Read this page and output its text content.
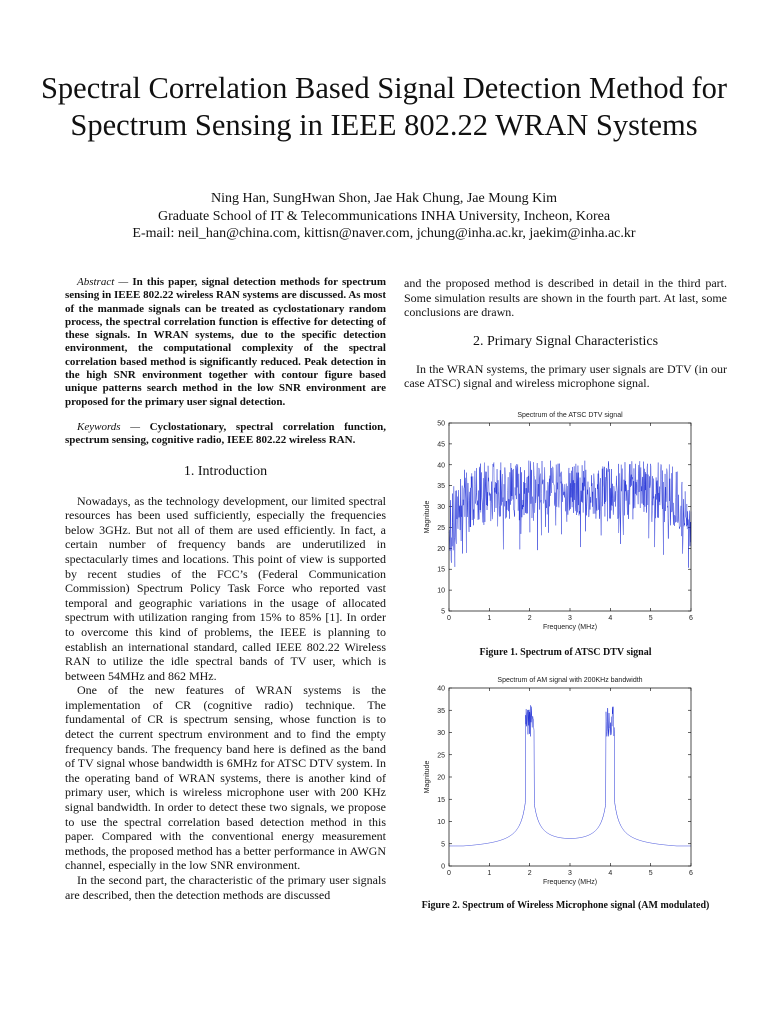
Spectral Correlation Based Signal Detection Method for Spectrum Sensing in IEEE 802.22 WRAN Systems
Ning Han, SungHwan Shon, Jae Hak Chung, Jae Moung Kim
Graduate School of IT & Telecommunications INHA University, Incheon, Korea
E-mail: neil_han@china.com, kittisn@naver.com, jchung@inha.ac.kr, jaekim@inha.ac.kr

Abstract — In this paper, signal detection methods for spectrum sensing in IEEE 802.22 wireless RAN systems are discussed. As most of the manmade signals can be treated as cyclostationary random process, the spectral correlation function is effective for detecting of these signals. In WRAN systems, due to the specific detection environment, the computational complexity of the spectral correlation based method is significantly reduced. Peak detection in the high SNR environment together with contour figure based unique patterns search method in the low SNR environment are proposed for the primary user signal detection.

Keywords — Cyclostationary, spectral correlation function, spectrum sensing, cognitive radio, IEEE 802.22 wireless RAN.

1. Introduction

Nowadays, as the technology development, our limited spectral resources has been used sufficiently, especially the frequencies below 3GHz. But not all of them are used efficiently. In fact, a certain number of frequency bands are underutilized in spectacularly times and locations. This point of view is supported by recent studies of the FCC’s (Federal Communication Commission) Spectrum Policy Task Force who reported vast temporal and geographic variations in the usage of allocated spectrum with utilization ranging from 15% to 85% [1]. In order to overcome this kind of problems, the IEEE is planning to establish an international standard, called IEEE 802.22 Wireless RAN to utilize the idle spectral bands of TV user, which is between 54MHz and 862 MHz.

One of the new features of WRAN systems is the implementation of CR (cognitive radio) technique. The fundamental of CR is spectrum sensing, whose function is to detect the current spectrum environment and to find the empty frequency bands. The frequency band here is defined as the band of TV signal whose bandwidth is 6MHz for ATSC DTV system. In the operating band of WRAN systems, there is another kind of primary user, which is wireless microphone user with 200 KHz signal bandwidth. In order to detect these two signals, we propose to use the spectral correlation based detection method in this paper. Compared with the conventional energy measurement methods, the proposed method has a better performance in AWGN channel, especially in the low SNR environment.

In the second part, the characteristic of the primary user signals are described, then the detection methods are discussed

and the proposed method is described in detail in the third part. Some simulation results are shown in the fourth part. At last, some conclusions are drawn.

2. Primary Signal Characteristics

In the WRAN systems, the primary user signals are DTV (in our case ATSC) signal and wireless microphone signal.

Spectrum of the ATSC DTV signal
0	1	2	3	4	5	6
5
10
15
20
25
30
35
40
45
50
Frequency (MHz)
Magnitude
Figure 1. Spectrum of ATSC DTV signal
Spectrum of AM signal with 200KHz bandwidth
0	1	2	3	4	5	6
0
5
10
15
20
25
30
35
40
Frequency (MHz)
Magnitude
Figure 2. Spectrum of Wireless Microphone signal (AM modulated)
